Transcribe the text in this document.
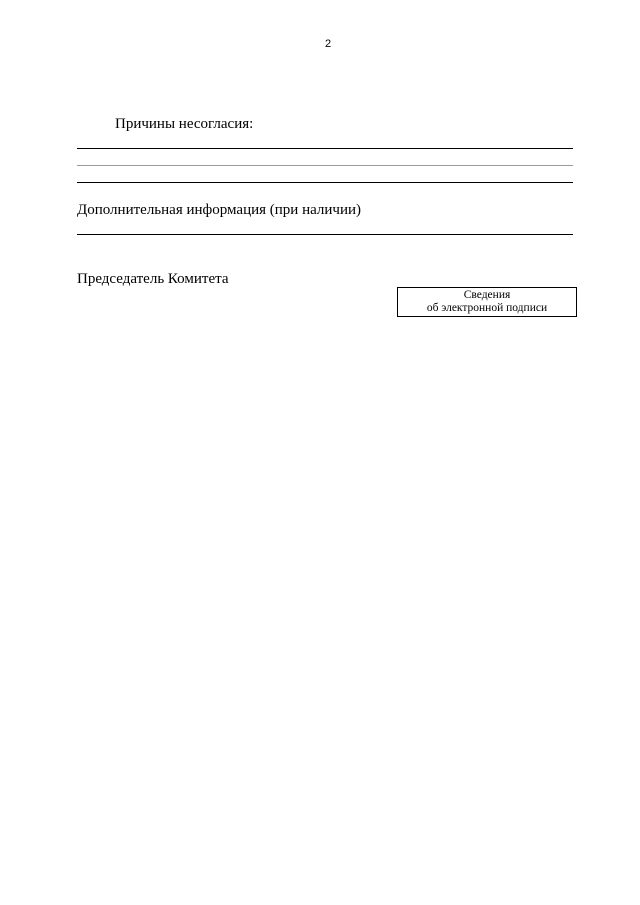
2
Причины несогласия:
Дополнительная информация (при наличии)
Председатель Комитета
Сведения
об электронной подписи
